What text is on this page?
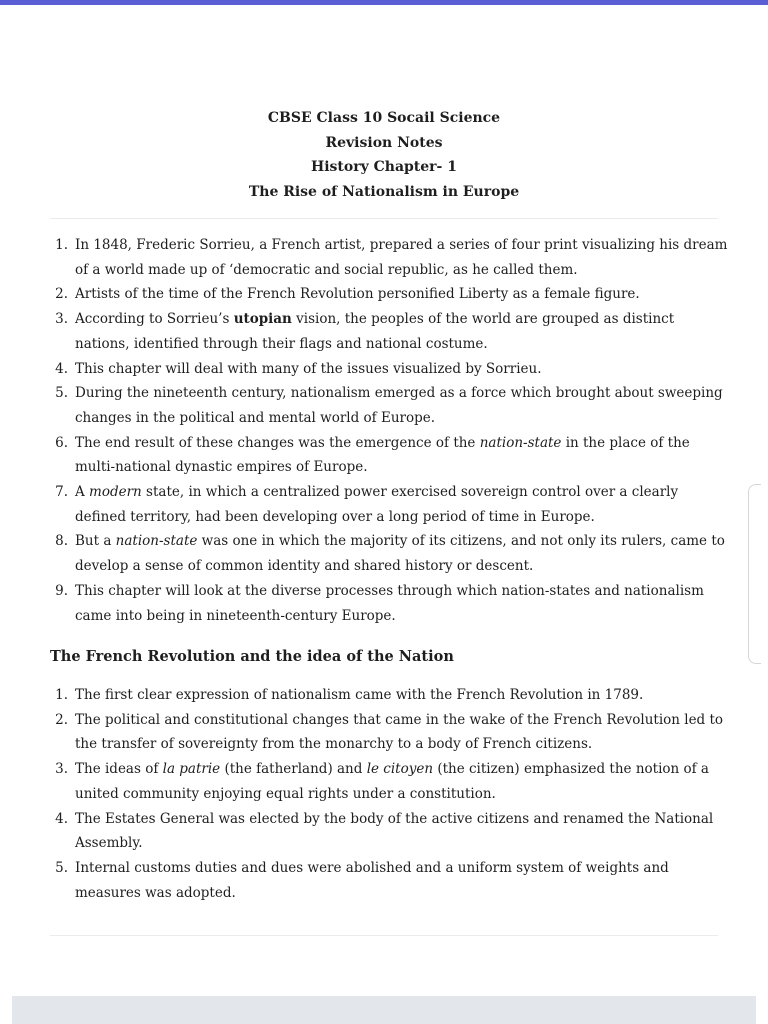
CBSE Class 10 Socail Science
Revision Notes
History Chapter- 1
The Rise of Nationalism in Europe
1. In 1848, Frederic Sorrieu, a French artist, prepared a series of four print visualizing his dream of a world made up of ‘democratic and social republic, as he called them.
2. Artists of the time of the French Revolution personified Liberty as a female figure.
3. According to Sorrieu’s utopian vision, the peoples of the world are grouped as distinct nations, identified through their flags and national costume.
4. This chapter will deal with many of the issues visualized by Sorrieu.
5. During the nineteenth century, nationalism emerged as a force which brought about sweeping changes in the political and mental world of Europe.
6. The end result of these changes was the emergence of the nation-state in the place of the multi-national dynastic empires of Europe.
7. A modern state, in which a centralized power exercised sovereign control over a clearly defined territory, had been developing over a long period of time in Europe.
8. But a nation-state was one in which the majority of its citizens, and not only its rulers, came to develop a sense of common identity and shared history or descent.
9. This chapter will look at the diverse processes through which nation-states and nationalism came into being in nineteenth-century Europe.
The French Revolution and the idea of the Nation
1. The first clear expression of nationalism came with the French Revolution in 1789.
2. The political and constitutional changes that came in the wake of the French Revolution led to the transfer of sovereignty from the monarchy to a body of French citizens.
3. The ideas of la patrie (the fatherland) and le citoyen (the citizen) emphasized the notion of a united community enjoying equal rights under a constitution.
4. The Estates General was elected by the body of the active citizens and renamed the National Assembly.
5. Internal customs duties and dues were abolished and a uniform system of weights and measures was adopted.
